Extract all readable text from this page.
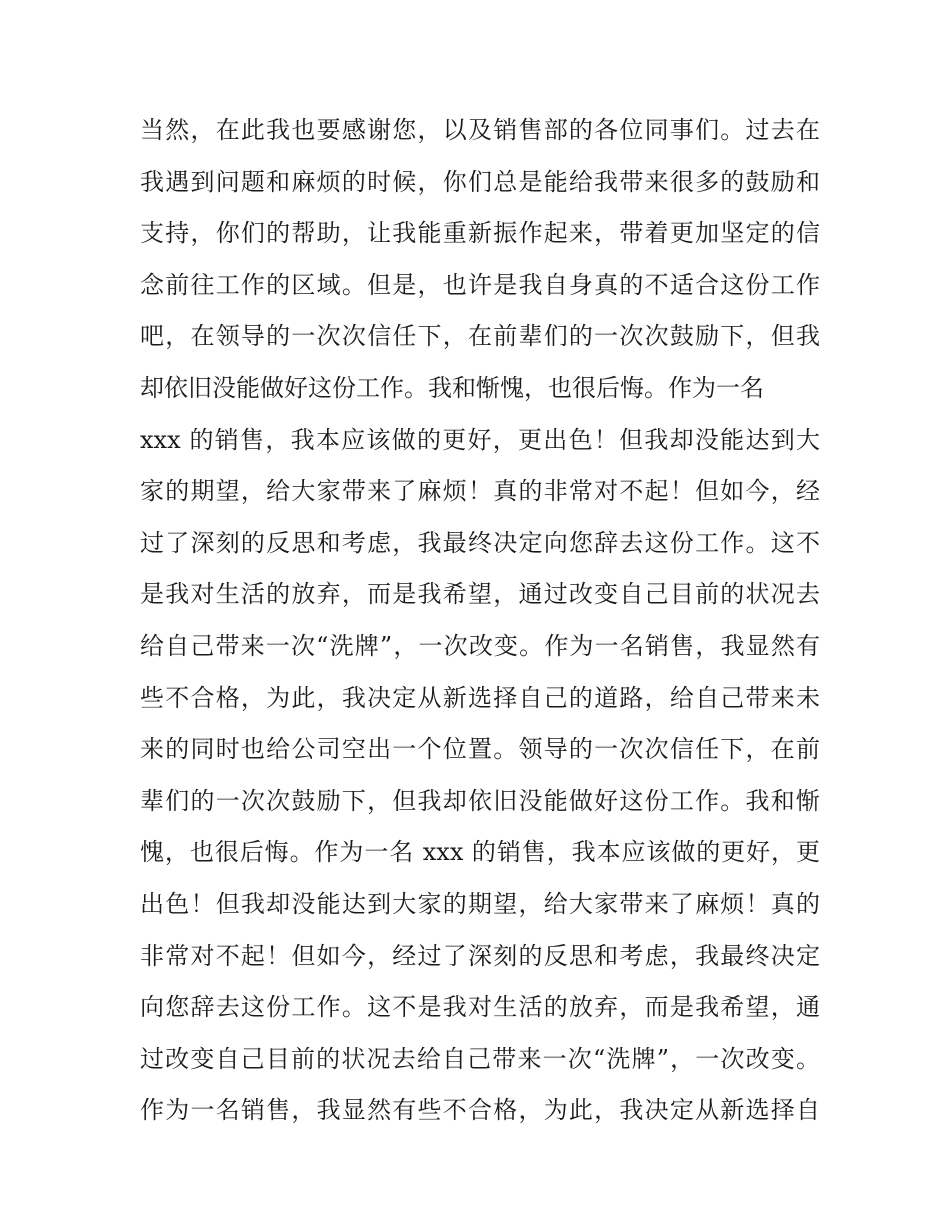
当然，在此我也要感谢您，以及销售部的各位同事们。过去在
我遇到问题和麻烦的时候，你们总是能给我带来很多的鼓励和
支持，你们的帮助，让我能重新振作起来，带着更加坚定的信
念前往工作的区域。但是，也许是我自身真的不适合这份工作
吧，在领导的一次次信任下，在前辈们的一次次鼓励下，但我
却依旧没能做好这份工作。我和惭愧，也很后悔。作为一名
xxx 的销售，我本应该做的更好，更出色！但我却没能达到大
家的期望，给大家带来了麻烦！真的非常对不起！但如今，经
过了深刻的反思和考虑，我最终决定向您辞去这份工作。这不
是我对生活的放弃，而是我希望，通过改变自己目前的状况去
给自己带来一次“洗牌”，一次改变。作为一名销售，我显然有
些不合格，为此，我决定从新选择自己的道路，给自己带来未
来的同时也给公司空出一个位置。领导的一次次信任下，在前
辈们的一次次鼓励下，但我却依旧没能做好这份工作。我和惭
愧，也很后悔。作为一名 xxx 的销售，我本应该做的更好，更
出色！但我却没能达到大家的期望，给大家带来了麻烦！真的
非常对不起！但如今，经过了深刻的反思和考虑，我最终决定
向您辞去这份工作。这不是我对生活的放弃，而是我希望，通
过改变自己目前的状况去给自己带来一次“洗牌”，一次改变。
作为一名销售，我显然有些不合格，为此，我决定从新选择自
